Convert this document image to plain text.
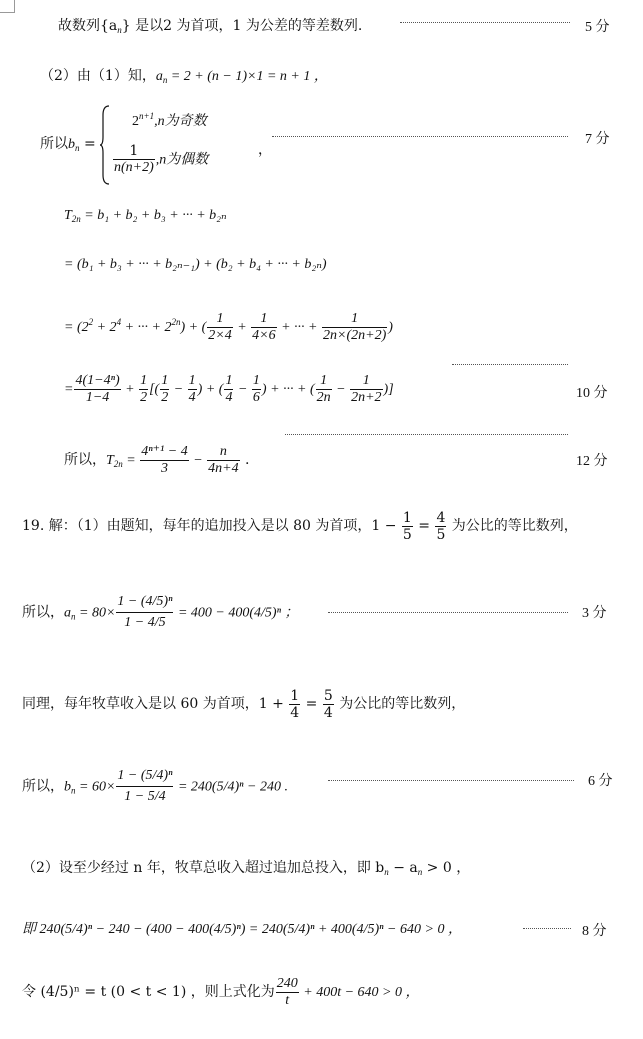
故数列$\{a_n\}$ 是以2 为首项，1 为公差的等差数列.	5 分
（2）由（1）知，$a_n = 2 + (n - 1)\times 1 = n + 1$ ，
所以$b_n$ =
$2^{n+1},n$为奇数
$\frac{1}{n(n+2)} ,n$为偶数
，
7 分
$T_{2n} = b_1 + b_2 + b_3$ + ··· + b₂ₙ
= (b₁ + b₃ + ··· + b₂ₙ₋₁) + (b₂ + b₄ + ··· + b₂ₙ)
= ($2^2 + 2^4$ + ··· + $2^{2n}$) + ( $\frac{1}{2\times 4} + \frac{1}{4\times 6}$ + ··· + $\frac{1}{2n\times(2n+2)}$ )
= $\frac{\text{4(1−4ⁿ)}}{1-4} + \frac{1}{2}$ [( $\frac{1}{2} - \frac{1}{4}$ ) + ( $\frac{1}{4} - \frac{1}{6}$ ) + ··· + ( $\frac{1}{2n} - \frac{1}{2n+2}$ )]	10 分
所以，$T_{2n} = \frac{\text{4ⁿ⁺¹ − 4}}{3} - \frac{n}{4n+4}$ .	12 分
19. 解：（1）由题知，每年的追加投入是以 80 为首项，$1 - \frac{1}{5} = \frac{4}{5}$ 为公比的等比数列，
所以，$a_n = 80\times \frac{\text{1 − (4/5)ⁿ}}{1 - 4/5} = 400 - 400(4/5)^n$ ；	3 分
同理，每年牧草收入是以 60 为首项，$1 + \frac{1}{4} = \frac{5}{4}$ 为公比的等比数列，
所以，$b_n = 60\times \frac{\text{1 − (5/4)ⁿ}}{1 - 5/4} = 240(5/4)^n - 240$ .	6 分
（2）设至少经过 n 年，牧草总收入超过追加总投入，即 $b_n - a_n > 0$ ，
即 240(5/4)ⁿ − 240 − (400 − 400(4/5)ⁿ) = 240(5/4)ⁿ + 400(4/5)ⁿ − 640 > 0 ，	8 分
令 (4/5)ⁿ = t (0 < t < 1) ，则上式化为 $\frac{240}{t} + 400t - 640 > 0$ ，
